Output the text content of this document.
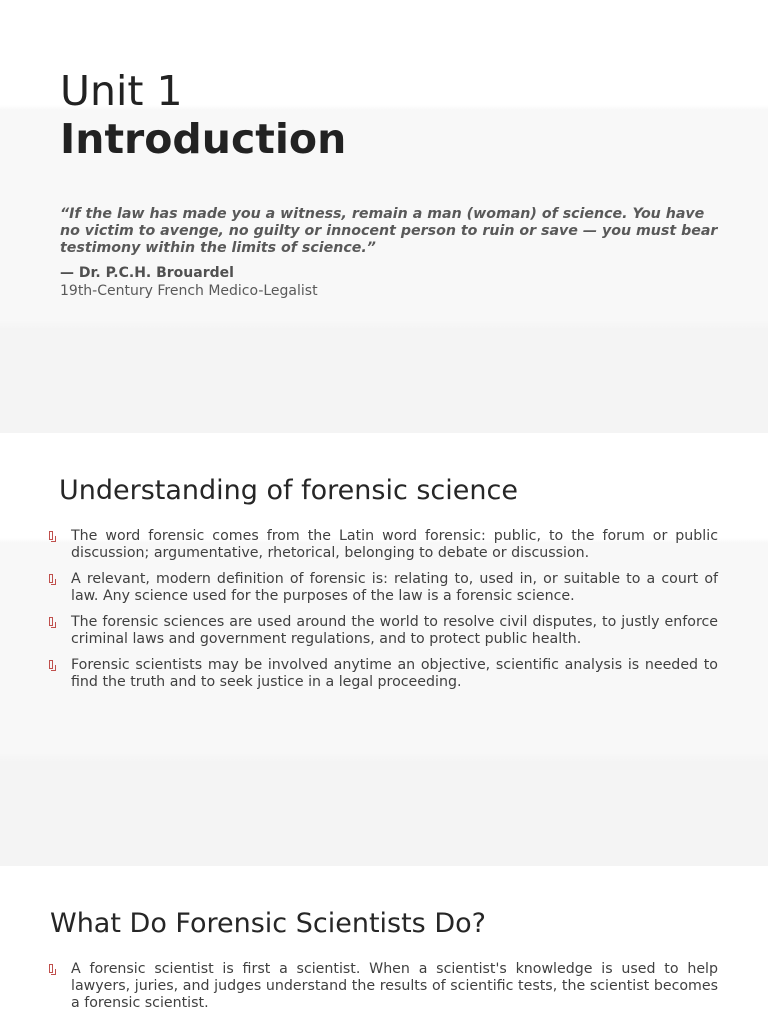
Unit 1
Introduction
“If the law has made you a witness, remain a man (woman) of science. You have no victim to avenge, no guilty or innocent person to ruin or save — you must bear testimony within the limits of science.”
— Dr. P.C.H. Brouardel
19th-Century French Medico-Legalist
Understanding of forensic science
The word forensic comes from the Latin word forensic: public, to the forum or public discussion; argumentative, rhetorical, belonging to debate or discussion.
A relevant, modern definition of forensic is: relating to, used in, or suitable to a court of law. Any science used for the purposes of the law is a forensic science.
The forensic sciences are used around the world to resolve civil disputes, to justly enforce criminal laws and government regulations, and to protect public health.
Forensic scientists may be involved anytime an objective, scientific analysis is needed to find the truth and to seek justice in a legal proceeding.
What Do Forensic Scientists Do?
A forensic scientist is first a scientist. When a scientist's knowledge is used to help lawyers, juries, and judges understand the results of scientific tests, the scientist becomes a forensic scientist.
